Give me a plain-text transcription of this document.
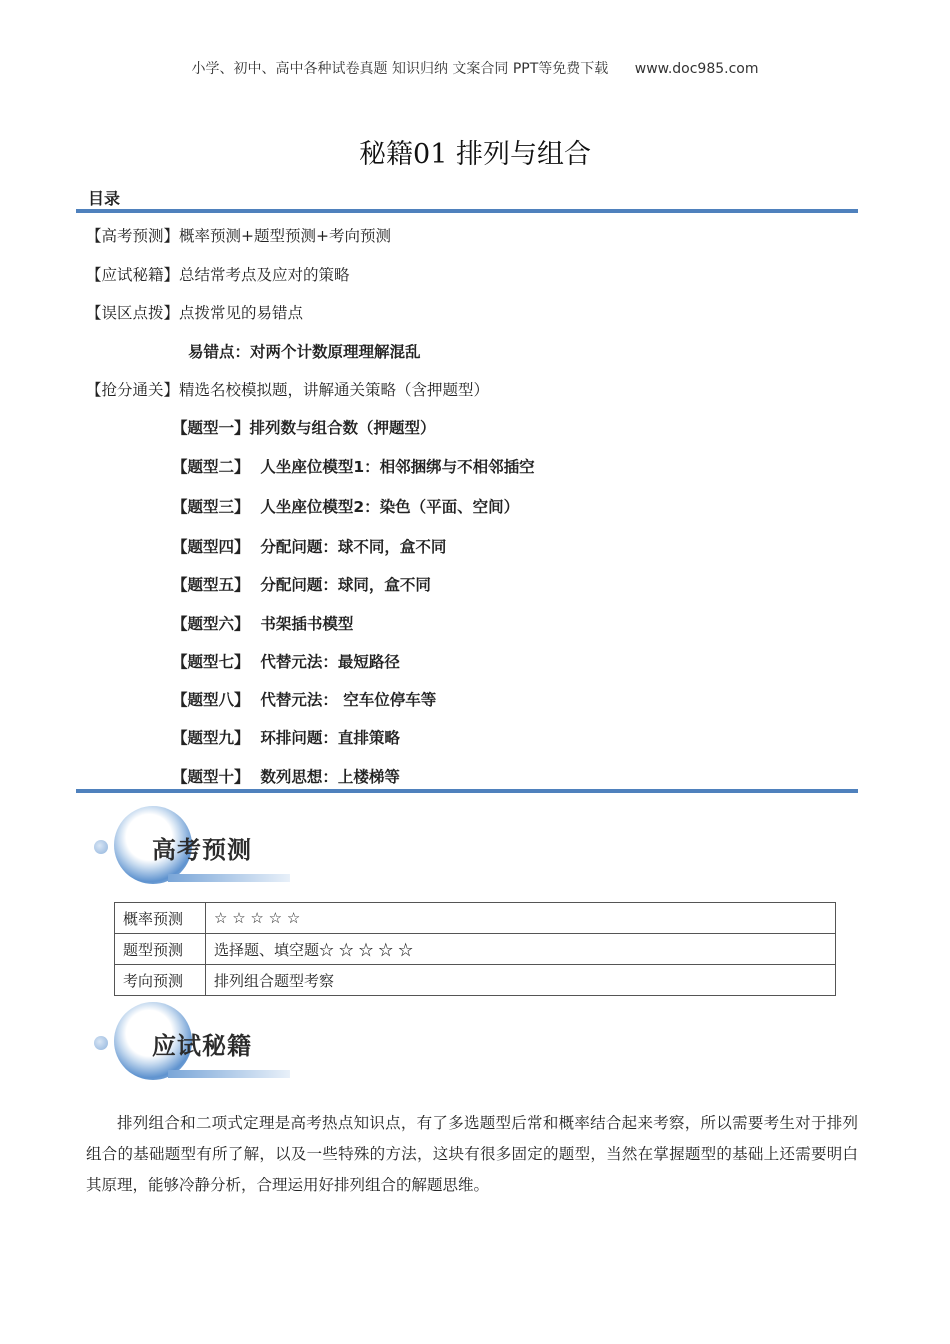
小学、初中、高中各种试卷真题 知识归纳 文案合同 PPT等免费下载 www.doc985.com
秘籍01 排列与组合
目录
【高考预测】概率预测+题型预测+考向预测
【应试秘籍】总结常考点及应对的策略
【误区点拨】点拨常见的易错点
易错点：对两个计数原理理解混乱
【抢分通关】精选名校模拟题，讲解通关策略（含押题型）
【题型一】排列数与组合数（押题型）
【题型二】 人坐座位模型1：相邻捆绑与不相邻插空
【题型三】 人坐座位模型2：染色（平面、空间）
【题型四】 分配问题：球不同，盒不同
【题型五】 分配问题：球同，盒不同
【题型六】 书架插书模型
【题型七】 代替元法：最短路径
【题型八】 代替元法： 空车位停车等
【题型九】 环排问题：直排策略
【题型十】 数列思想：上楼梯等
高考预测
概率预测	☆ ☆ ☆ ☆ ☆
题型预测	选择题、填空题☆ ☆ ☆ ☆ ☆
考向预测	排列组合题型考察
应试秘籍
排列组合和二项式定理是高考热点知识点，有了多选题型后常和概率结合起来考察，所以需要考生对于排列组合的基础题型有所了解，以及一些特殊的方法，这块有很多固定的题型，当然在掌握题型的基础上还需要明白其原理，能够冷静分析，合理运用好排列组合的解题思维。
